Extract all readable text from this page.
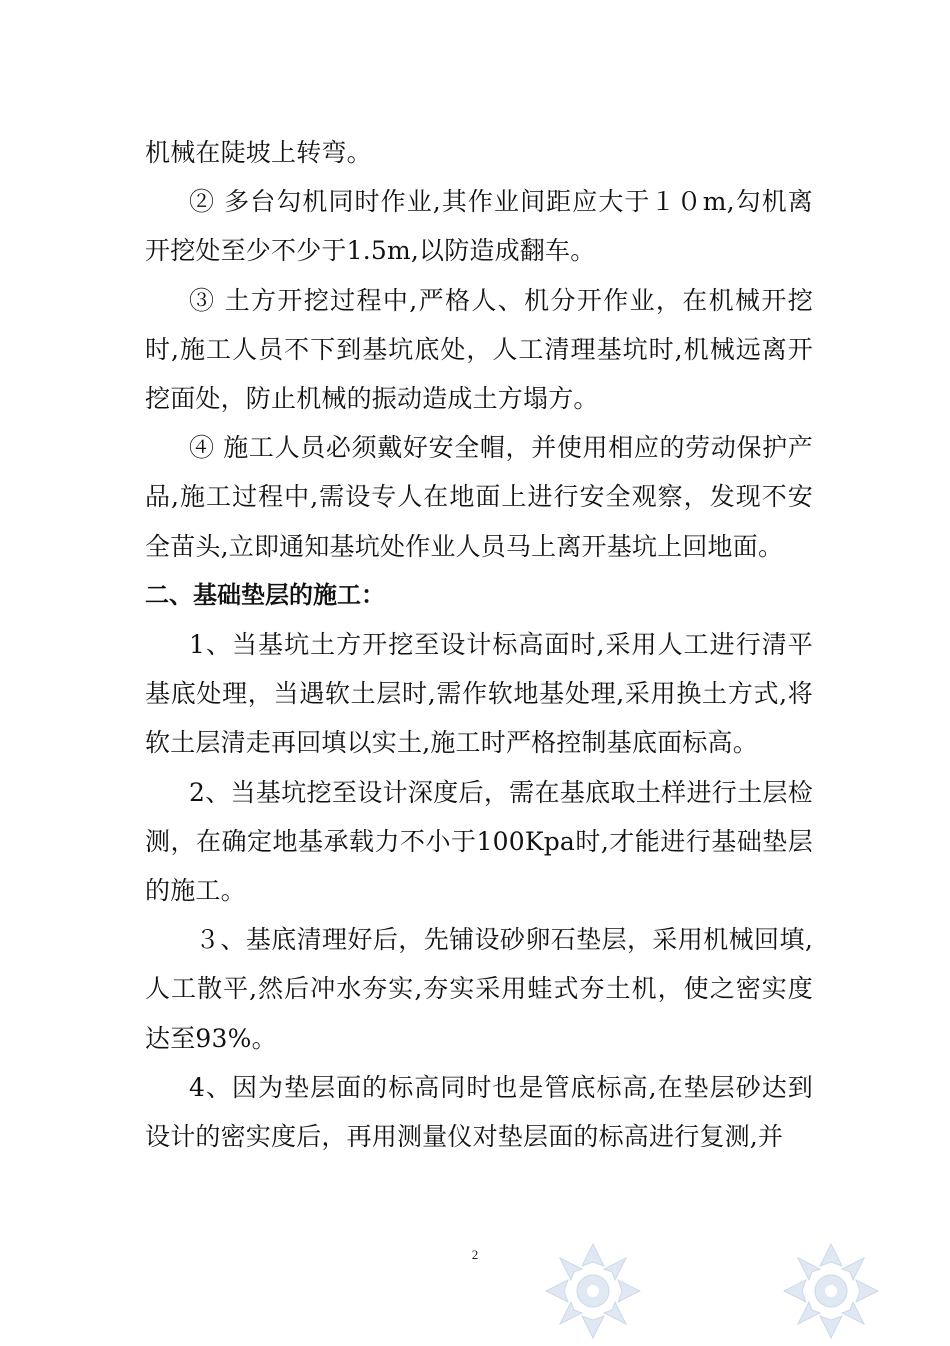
机械在陡坡上转弯。

② 多台勾机同时作业,其作业间距应大于１０m,勾机离开挖处至少不少于1.5m,以防造成翻车。

③ 土方开挖过程中,严格人、机分开作业，在机械开挖时,施工人员不下到基坑底处，人工清理基坑时,机械远离开挖面处，防止机械的振动造成土方塌方。

④ 施工人员必须戴好安全帽，并使用相应的劳动保护产品,施工过程中,需设专人在地面上进行安全观察，发现不安全苗头,立即通知基坑处作业人员马上离开基坑上回地面。

二、基础垫层的施工：

1、当基坑土方开挖至设计标高面时,采用人工进行清平基底处理，当遇软土层时,需作软地基处理,采用换土方式,将软土层清走再回填以实土,施工时严格控制基底面标高。

2、当基坑挖至设计深度后，需在基底取土样进行土层检测，在确定地基承载力不小于100Kpa时,才能进行基础垫层的施工。

３、基底清理好后，先铺设砂卵石垫层，采用机械回填,人工散平,然后冲水夯实,夯实采用蛙式夯土机，使之密实度达至93%。

4、因为垫层面的标高同时也是管底标高,在垫层砂达到设计的密实度后，再用测量仪对垫层面的标高进行复测,并

2
